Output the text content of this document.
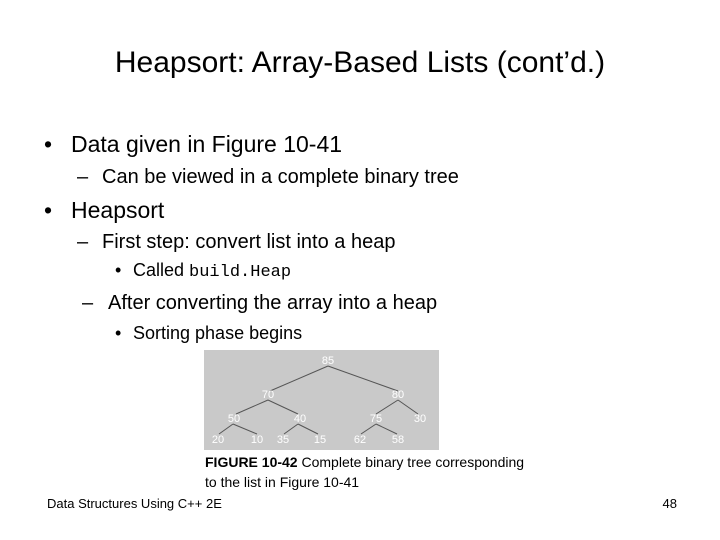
Heapsort: Array-Based Lists (cont’d.)
• Data given in Figure 10-41
– Can be viewed in a complete binary tree
• Heapsort
– First step: convert list into a heap
• Called build.Heap
– After converting the array into a heap
• Sorting phase begins
85
70	80
50	40	75	30
20 10 35 15	62 58
FIGURE 10-42 Complete binary tree corresponding to the list in Figure 10-41
Data Structures Using C++ 2E	48
